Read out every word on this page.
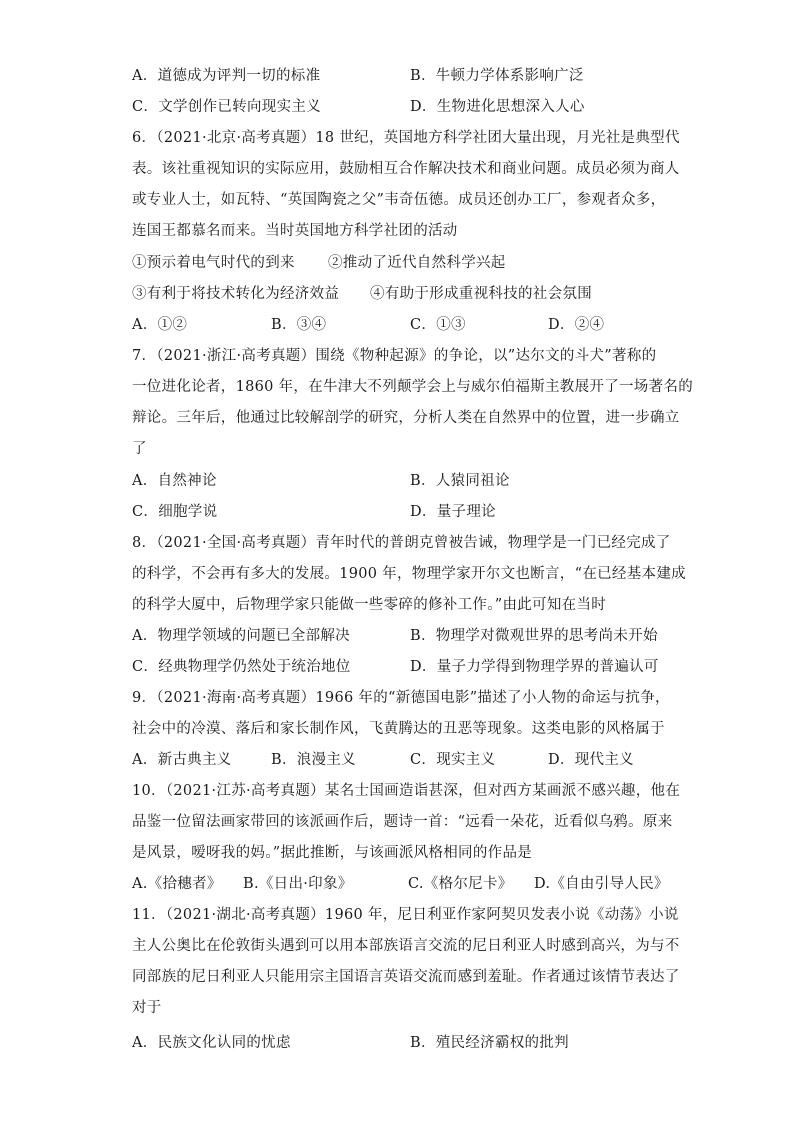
A．道德成为评判一切的标准	B．牛顿力学体系影响广泛
C．文学创作已转向现实主义	D．生物进化思想深入人心
6．（2021·北京·高考真题）18 世纪，英国地方科学社团大量出现，月光社是典型代
表。该社重视知识的实际应用，鼓励相互合作解决技术和商业问题。成员必须为商人
或专业人士，如瓦特、“英国陶瓷之父”韦奇伍德。成员还创办工厂，参观者众多，
连国王都慕名而来。当时英国地方科学社团的活动
①预示着电气时代的到来 ②推动了近代自然科学兴起
③有利于将技术转化为经济效益 ④有助于形成重视科技的社会氛围
A．①②	B．③④	C．①③	D．②④
7．（2021·浙江·高考真题）围绕《物种起源》的争论，以”达尔文的斗犬”著称的
一位进化论者，1860 年，在牛津大不列颠学会上与威尔伯福斯主教展开了一场著名的
辩论。三年后，他通过比较解剖学的研究，分析人类在自然界中的位置，进一步确立
了
A．自然神论	B．人猿同祖论
C．细胞学说	D．量子理论
8．（2021·全国·高考真题）青年时代的普朗克曾被告诫，物理学是一门已经完成了
的科学，不会再有多大的发展。1900 年，物理学家开尔文也断言，“在已经基本建成
的科学大厦中，后物理学家只能做一些零碎的修补工作。”由此可知在当时
A．物理学领域的问题已全部解决	B．物理学对微观世界的思考尚未开始
C．经典物理学仍然处于统治地位	D．量子力学得到物理学界的普遍认可
9．（2021·海南·高考真题）1966 年的“新德国电影”描述了小人物的命运与抗争，
社会中的冷漠、落后和家长制作风，飞黄腾达的丑恶等现象。这类电影的风格属于
A．新古典主义	B．浪漫主义	C．现实主义	D．现代主义
10．（2021·江苏·高考真题）某名士国画造诣甚深，但对西方某画派不感兴趣，他在
品鉴一位留法画家带回的该派画作后，题诗一首：“远看一朵花，近看似乌鸦。原来
是风景，嗳呀我的妈。”据此推断，与该画派风格相同的作品是
A.《拾穗者》 B.《日出·印象》	C.《格尔尼卡》 D.《自由引导人民》
11．（2021·湖北·高考真题）1960 年，尼日利亚作家阿契贝发表小说《动荡》小说
主人公奥比在伦敦街头遇到可以用本部族语言交流的尼日利亚人时感到高兴，为与不
同部族的尼日利亚人只能用宗主国语言英语交流而感到羞耻。作者通过该情节表达了
对于
A．民族文化认同的忧虑	B．殖民经济霸权的批判
